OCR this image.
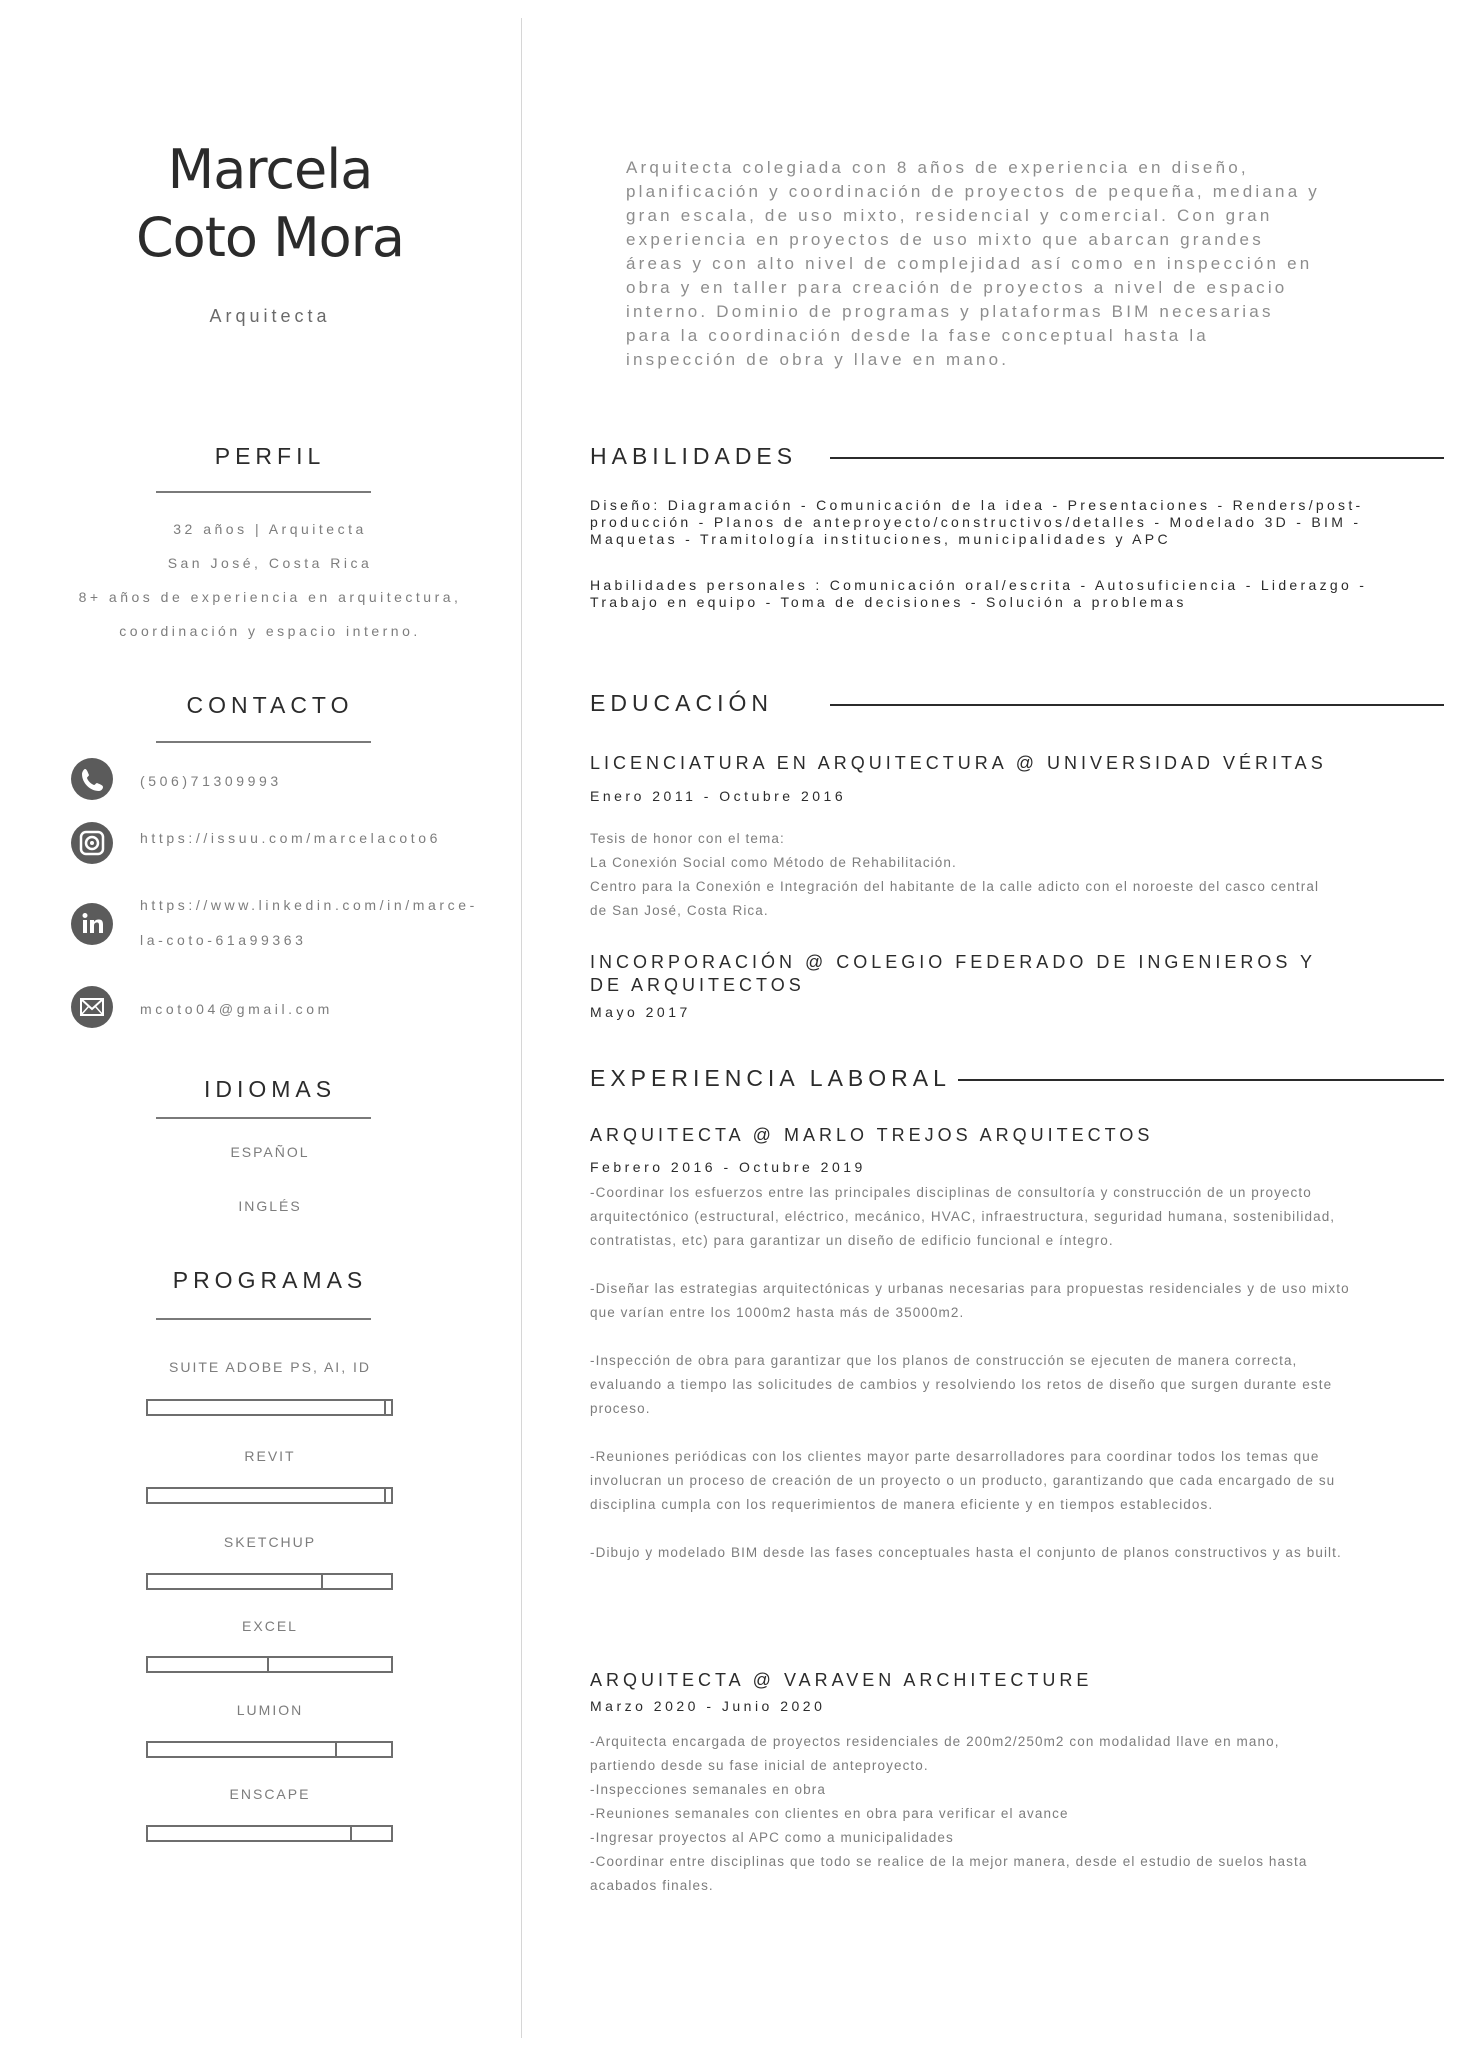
Marcela
Coto Mora
Arquitecta
Arquitecta colegiada con 8 años de experiencia en diseño, planificación y coordinación de proyectos de pequeña, mediana y gran escala, de uso mixto, residencial y comercial. Con gran experiencia en proyectos de uso mixto que abarcan grandes áreas y con alto nivel de complejidad así como en inspección en obra y en taller para creación de proyectos a nivel de espacio interno. Dominio de programas y plataformas BIM necesarias para la coordinación desde la fase conceptual hasta la inspección de obra y llave en mano.
PERFIL
32 años | Arquitecta
San José, Costa Rica
8+ años de experiencia en arquitectura,
coordinación y espacio interno.
CONTACTO
(506)71309993
https://issuu.com/marcelacoto6
https://www.linkedin.com/in/marce-
la-coto-61a99363
mcoto04@gmail.com
IDIOMAS
ESPAÑOL
INGLÉS
PROGRAMAS
SUITE ADOBE PS, AI, ID
REVIT
SKETCHUP
EXCEL
LUMION
ENSCAPE
HABILIDADES
Diseño: Diagramación - Comunicación de la idea - Presentaciones - Renders/post-producción - Planos de anteproyecto/constructivos/detalles - Modelado 3D - BIM - Maquetas - Tramitología instituciones, municipalidades y APC
Habilidades personales : Comunicación oral/escrita - Autosuficiencia - Liderazgo - Trabajo en equipo - Toma de decisiones - Solución a problemas
EDUCACIÓN
LICENCIATURA EN ARQUITECTURA @ UNIVERSIDAD VÉRITAS
Enero 2011 - Octubre 2016

Tesis de honor con el tema:

La Conexión Social como Método de Rehabilitación.

Centro para la Conexión e Integración del habitante de la calle adicto con el noroeste del casco central de San José, Costa Rica.

INCORPORACIÓN @ COLEGIO FEDERADO DE INGENIEROS Y
DE ARQUITECTOS
Mayo 2017
EXPERIENCIA LABORAL
ARQUITECTA @ MARLO TREJOS ARQUITECTOS
Febrero 2016 - Octubre 2019

-Coordinar los esfuerzos entre las principales disciplinas de consultoría y construcción de un proyecto arquitectónico (estructural, eléctrico, mecánico, HVAC, infraestructura, seguridad humana, sostenibilidad, contratistas, etc) para garantizar un diseño de edificio funcional e íntegro.

-Diseñar las estrategias arquitectónicas y urbanas necesarias para propuestas residenciales y de uso mixto que varían entre los 1000m2 hasta más de 35000m2.

-Inspección de obra para garantizar que los planos de construcción se ejecuten de manera correcta, evaluando a tiempo las solicitudes de cambios y resolviendo los retos de diseño que surgen durante este proceso.

-Reuniones periódicas con los clientes mayor parte desarrolladores para coordinar todos los temas que involucran un proceso de creación de un proyecto o un producto, garantizando que cada encargado de su disciplina cumpla con los requerimientos de manera eficiente y en tiempos establecidos.

-Dibujo y modelado BIM desde las fases conceptuales hasta el conjunto de planos constructivos y as built.

ARQUITECTA @ VARAVEN ARCHITECTURE
Marzo 2020 - Junio 2020

-Arquitecta encargada de proyectos residenciales de 200m2/250m2 con modalidad llave en mano, partiendo desde su fase inicial de anteproyecto.

-Inspecciones semanales en obra

-Reuniones semanales con clientes en obra para verificar el avance

-Ingresar proyectos al APC como a municipalidades

-Coordinar entre disciplinas que todo se realice de la mejor manera, desde el estudio de suelos hasta acabados finales.
